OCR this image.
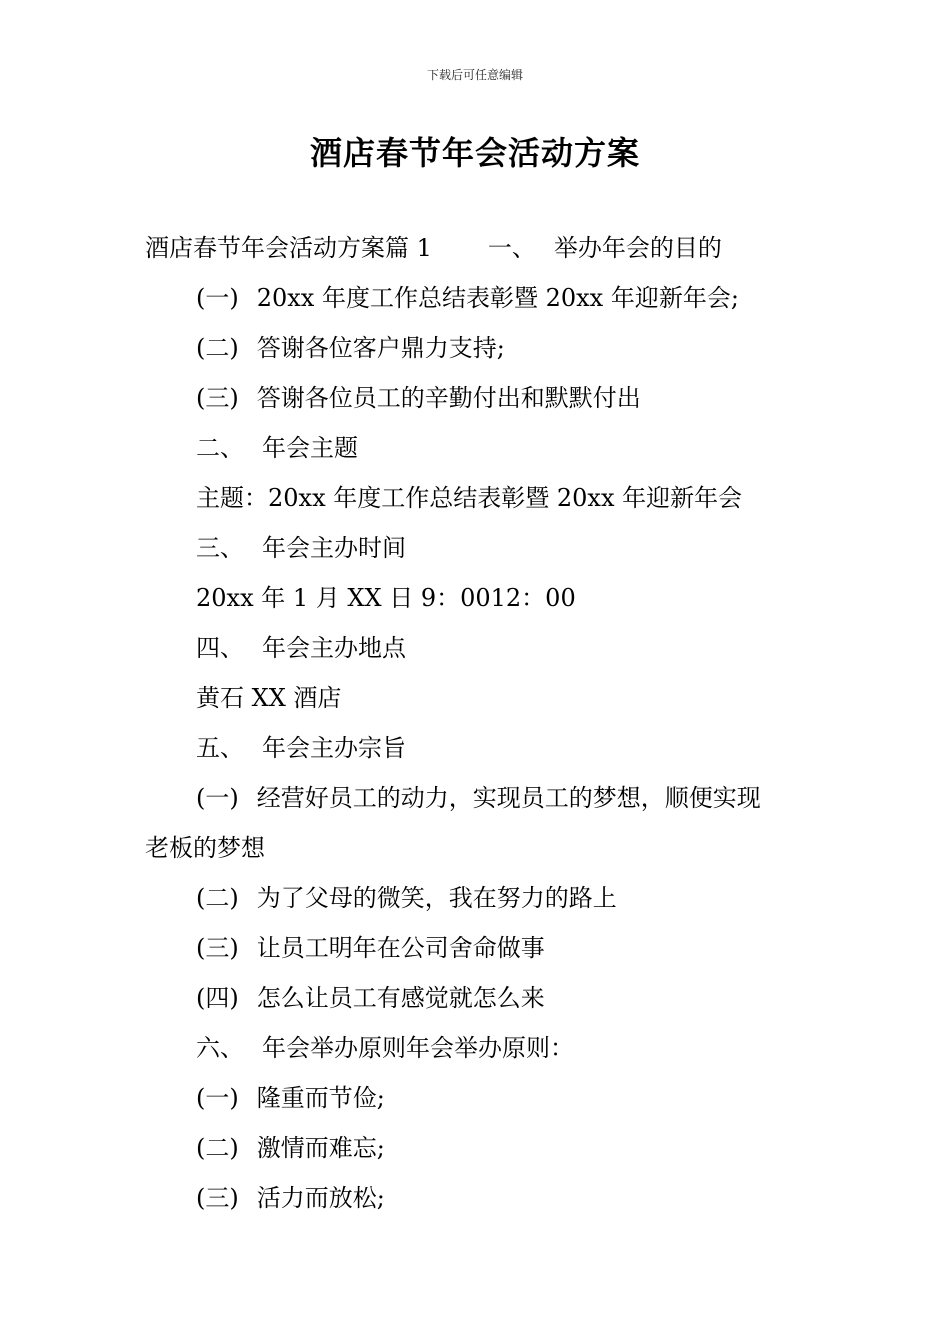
下载后可任意编辑
酒店春节年会活动方案
酒店春节年会活动方案篇 1 一、 举办年会的目的
(一) 20xx 年度工作总结表彰暨 20xx 年迎新年会;
(二) 答谢各位客户鼎力支持;
(三) 答谢各位员工的辛勤付出和默默付出
二、 年会主题
主题：20xx 年度工作总结表彰暨 20xx 年迎新年会
三、 年会主办时间
20xx 年 1 月 XX 日 9：0012：00
四、 年会主办地点
黄石 XX 酒店
五、 年会主办宗旨
(一) 经营好员工的动力，实现员工的梦想，顺便实现
老板的梦想
(二) 为了父母的微笑，我在努力的路上
(三) 让员工明年在公司舍命做事
(四) 怎么让员工有感觉就怎么来
六、 年会举办原则年会举办原则：
(一) 隆重而节俭;
(二) 激情而难忘;
(三) 活力而放松;
